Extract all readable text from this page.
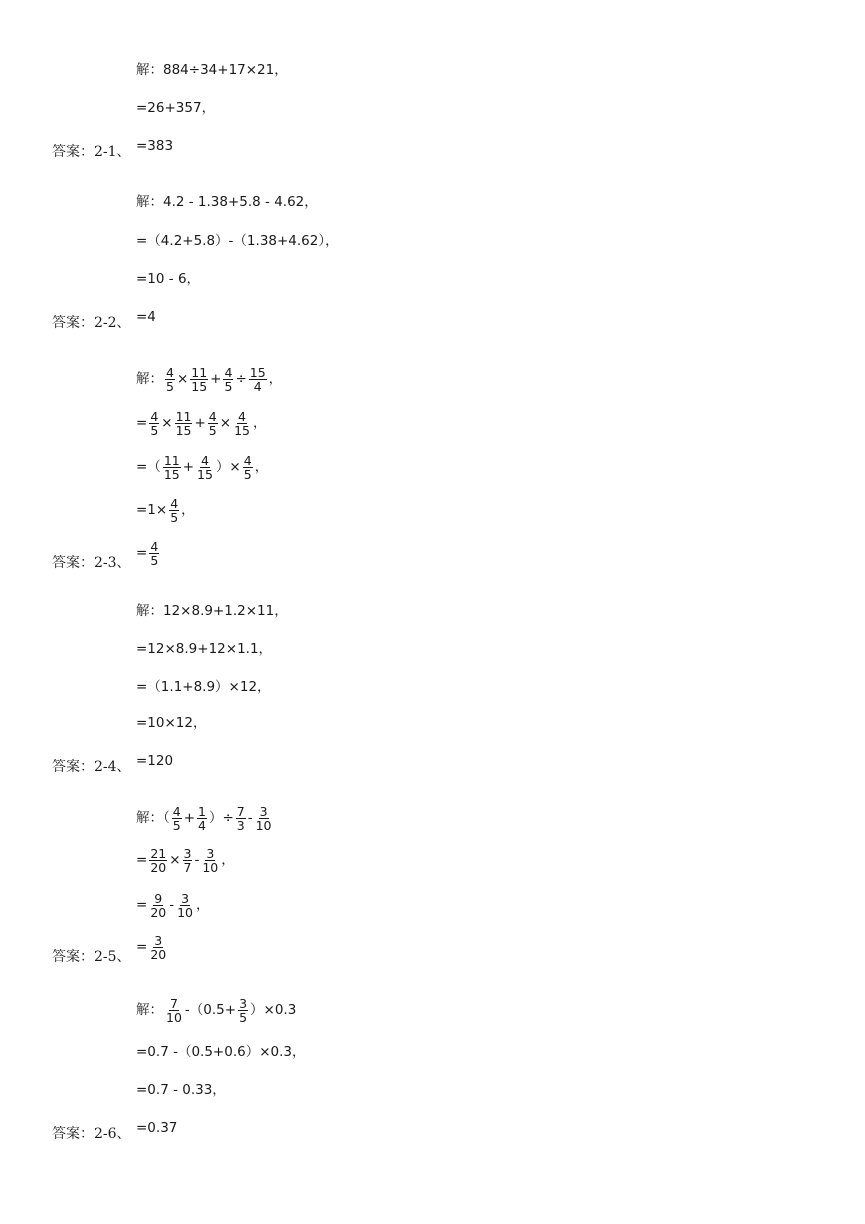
解：884÷34+17×21，
=26+357，
答案：2-1、 =383
解：4.2 - 1.38+5.8 - 4.62，
=（4.2+5.8）-（1.38+4.62），
=10 - 6，
答案：2-2、 =4
解： $\frac{4}{5} \times \frac{11}{15} + \frac{4}{5} \div \frac{15}{4}$ ，
= $\frac{4}{5} \times \frac{11}{15} + \frac{4}{5} \times \frac{4}{15}$ ，
=（ $\frac{11}{15} + \frac{4}{15}$ ）× $\frac{4}{5}$ ，
$=1\times \frac{4}{5}$ ，
答案：2-3、
= $\frac{4}{5}$
解：12×8.9+1.2×11，
=12×8.9+12×1.1，
=（1.1+8.9）×12，
=10×12，
答案：2-4、 =120
解：（ $\frac{4}{5} + \frac{1}{4}$ ）÷ $\frac{7}{3} - \frac{3}{10}$
= $\frac{21}{20} \times \frac{3}{7} - \frac{3}{10}$ ，
= $\frac{9}{20} - \frac{3}{10}$ ，
答案：2-5、
= $\frac{3}{20}$
解： $\frac{7}{10} -(0.5+ \frac{3}{5} )\times 0.3$
=0.7 -（0.5+0.6）×0.3，
=0.7 - 0.33，
答案：2-6、 =0.37
